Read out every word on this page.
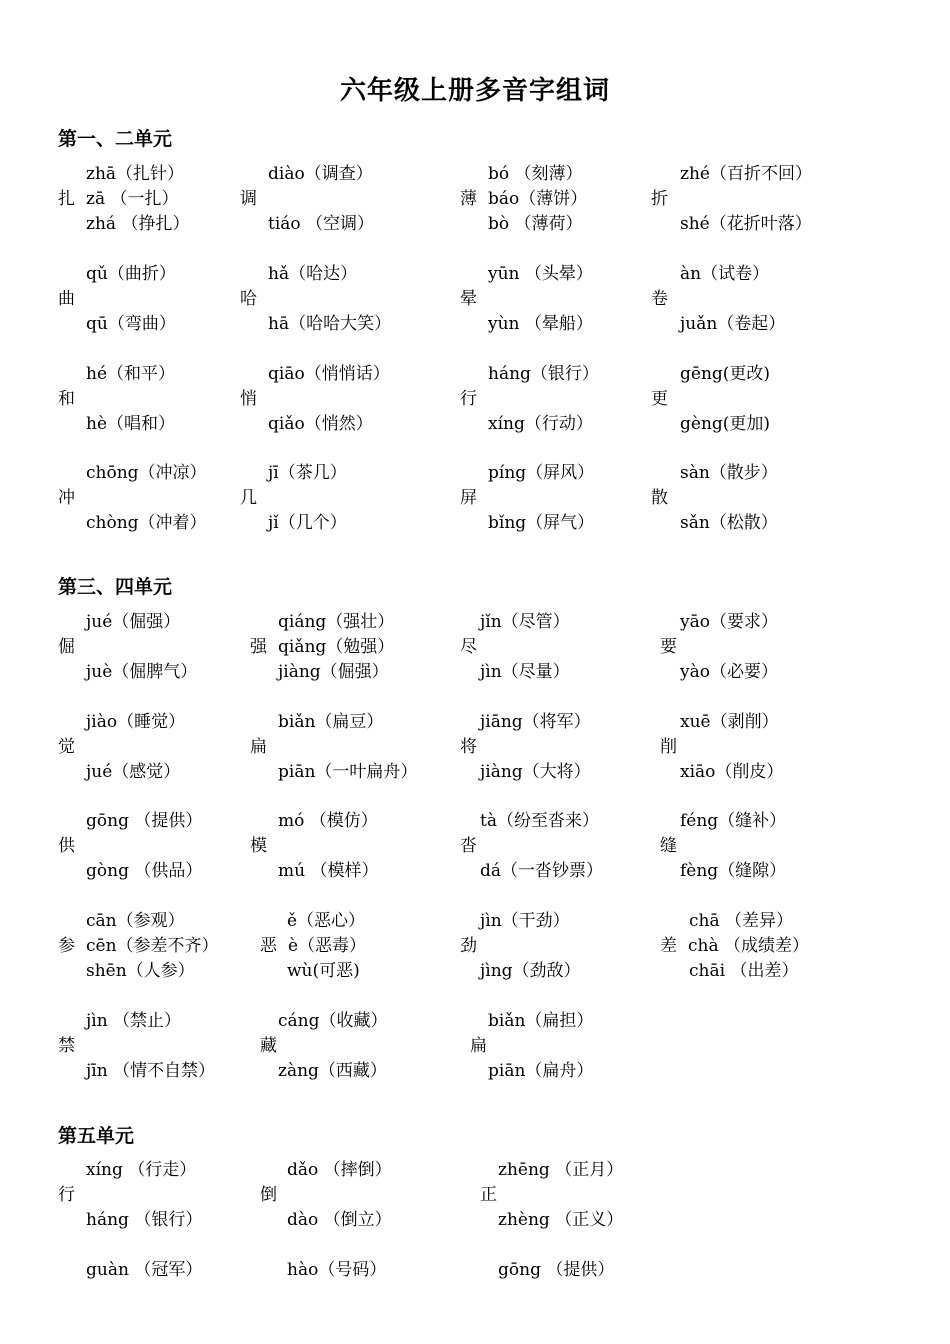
六年级上册多音字组词
第一、二单元
第三、四单元
第五单元
扎
zhā（扎针）
zā （一扎）
zhá （挣扎）
调
diào（调查）
tiáo （空调）
薄
bó （刻薄）
báo（薄饼）
bò （薄荷）
折
zhé（百折不回）
shé（花折叶落）
曲
qǔ（曲折）
qū（弯曲）
哈
hǎ（哈达）
hā（哈哈大笑）
晕
yūn （头晕）
yùn （晕船）
卷
àn（试卷）
juǎn（卷起）
和
hé（和平）
hè（唱和）
悄
qiāo（悄悄话）
qiǎo（悄然）
行
háng（银行）
xíng（行动）
更
gēng(更改)
gèng(更加)
冲
chōng（冲凉）
chòng（冲着）
几
jī（茶几）
jǐ（几个）
屏
píng（屏风）
bǐng（屏气）
散
sàn（散步）
sǎn（松散）
倔
jué（倔强）
juè（倔脾气）
强
qiáng（强壮）
qiǎng（勉强）
jiàng（倔强）
尽
jǐn（尽管）
jìn（尽量）
要
yāo（要求）
yào（必要）
觉
jiào（睡觉）
jué（感觉）
扁
biǎn（扁豆）
piān（一叶扁舟）
将
jiāng（将军）
jiàng（大将）
削
xuē（剥削）
xiāo（削皮）
供
gōng （提供）
gòng （供品）
模
mó （模仿）
mú （模样）
沓
tà（纷至沓来）
dá（一沓钞票）
缝
féng（缝补）
fèng（缝隙）
参
cān（参观）
cēn（参差不齐）
shēn（人参）
恶
ě（恶心）
è（恶毒）
wù(可恶)
劲
jìn（干劲）
jìng（劲敌）
差
chā （差异）
chà （成绩差）
chāi （出差）
禁
jìn （禁止）
jīn （情不自禁）
藏
cáng（收藏）
zàng（西藏）
扁
biǎn（扁担）
piān（扁舟）
行
xíng （行走）
háng （银行）
倒
dǎo （摔倒）
dào （倒立）
正
zhēng （正月）
zhèng （正义）
guàn （冠军）	hào（号码）	gōng （提供）
